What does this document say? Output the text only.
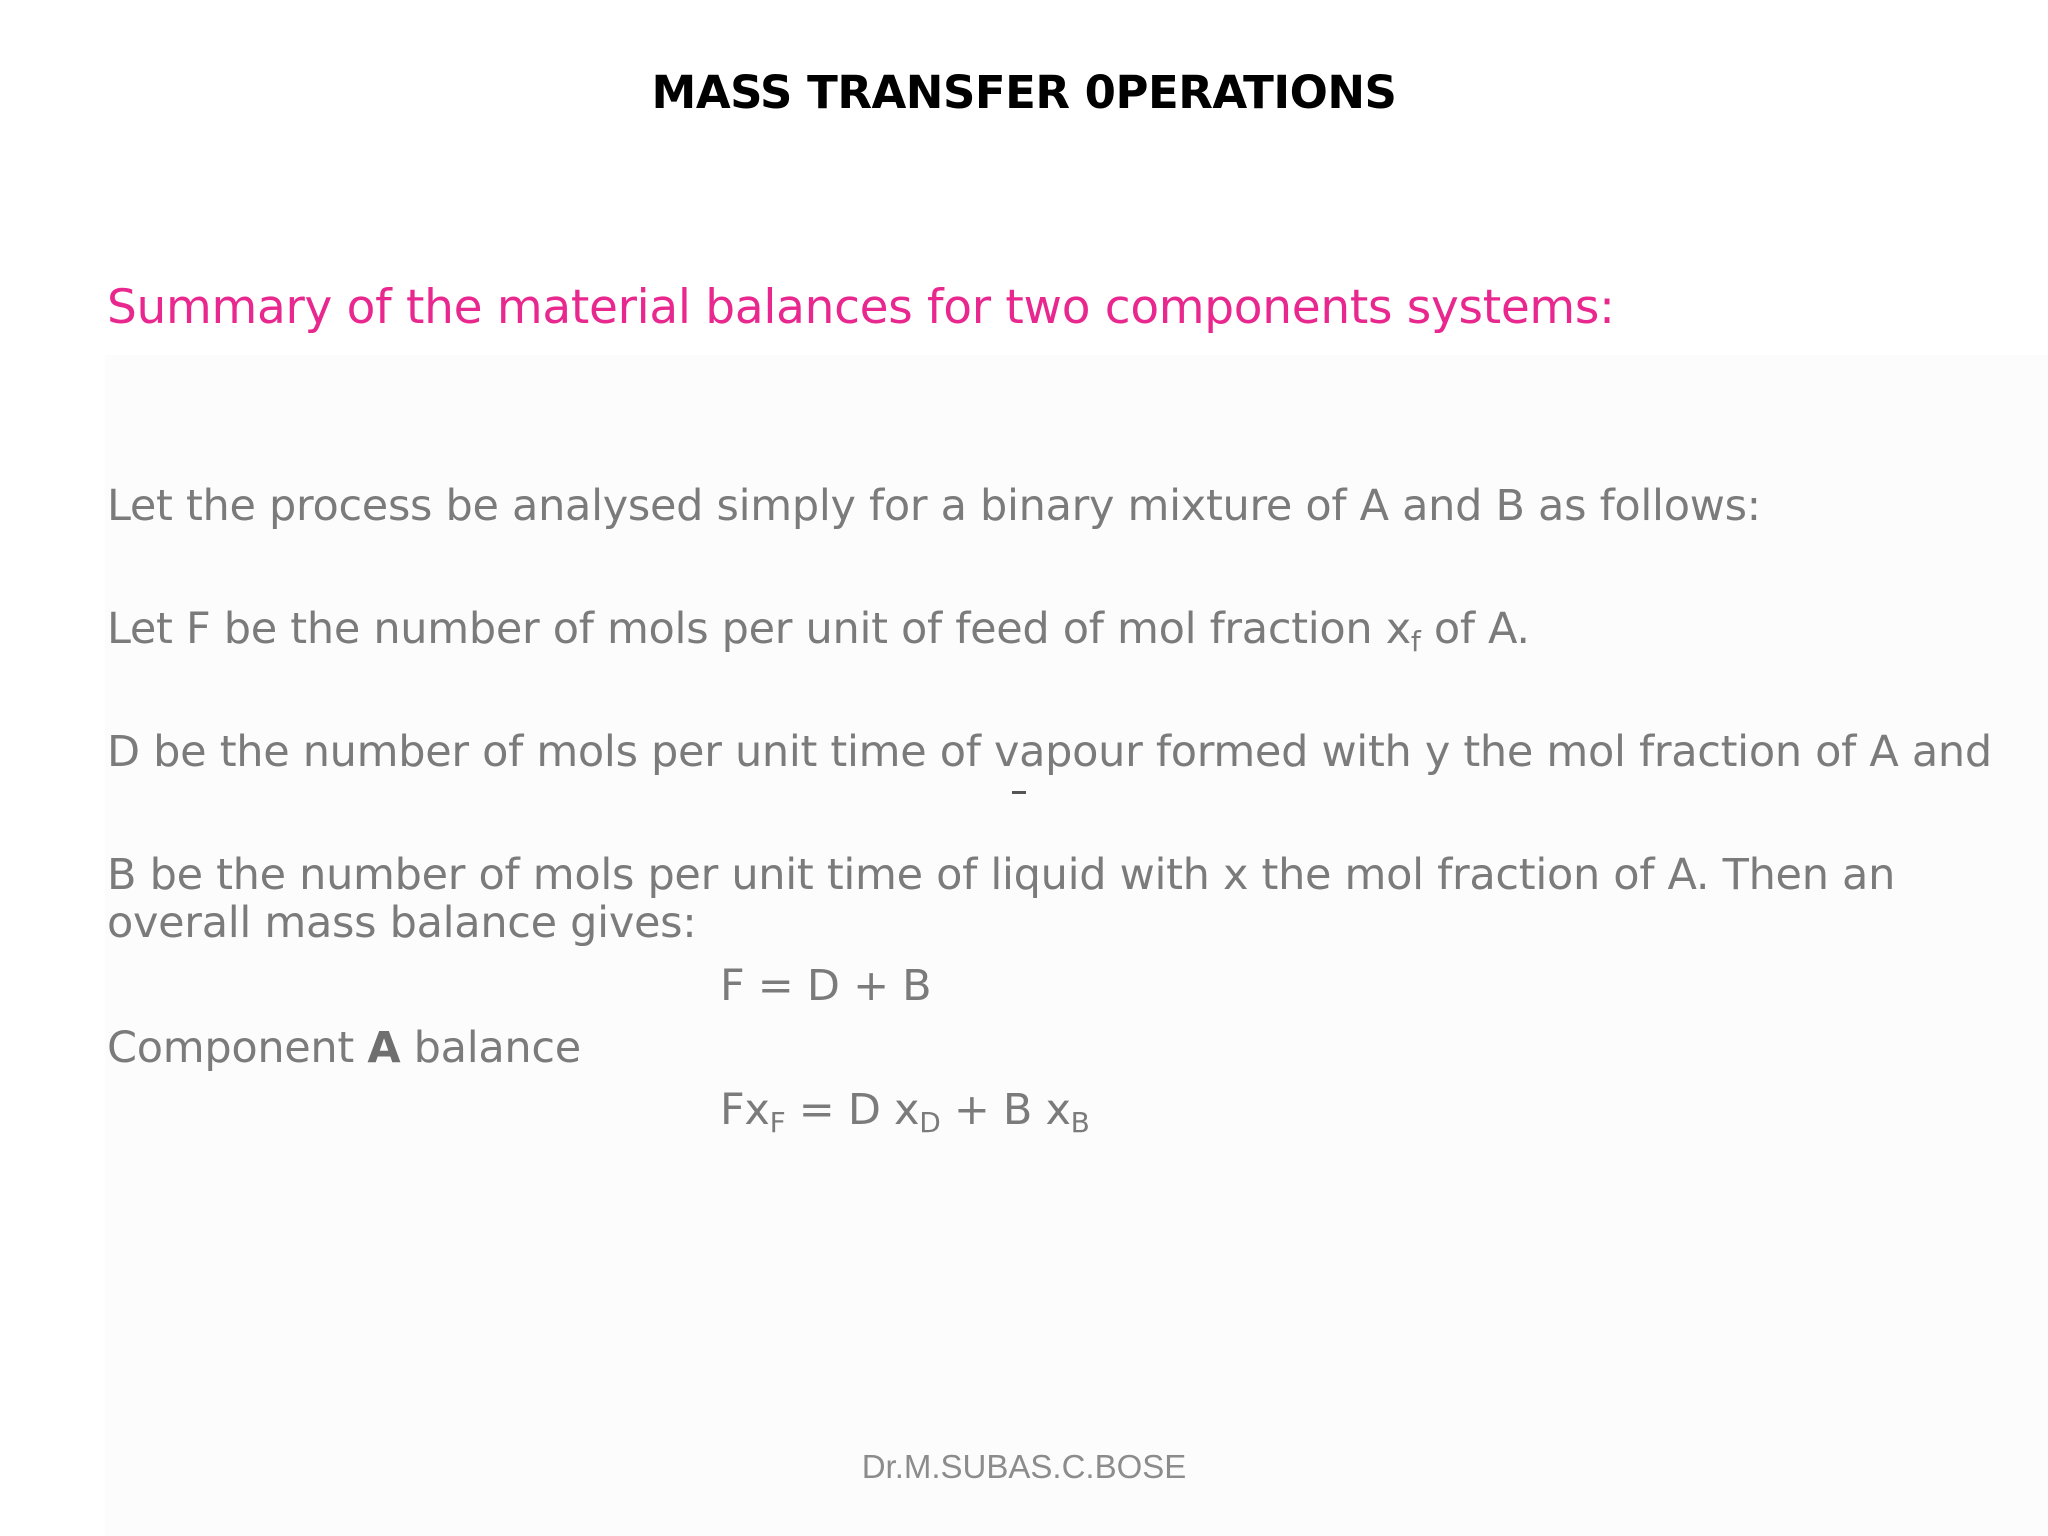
MASS TRANSFER 0PERATIONS
Summary of the material balances for two components systems:
Let the process be analysed simply for a binary mixture of A and B as follows:
Let F be the number of mols per unit of feed of mol fraction $x_f$ of A.
D be the number of mols per unit time of vapour formed with y the mol fraction of A and
B be the number of mols per unit time of liquid with x the mol fraction of A. Then an
overall mass balance gives:
F = D + B
Component A balance
$Fx_F = D$ $x_D + B$ $x_B$
Dr.M.SUBAS.C.BOSE
